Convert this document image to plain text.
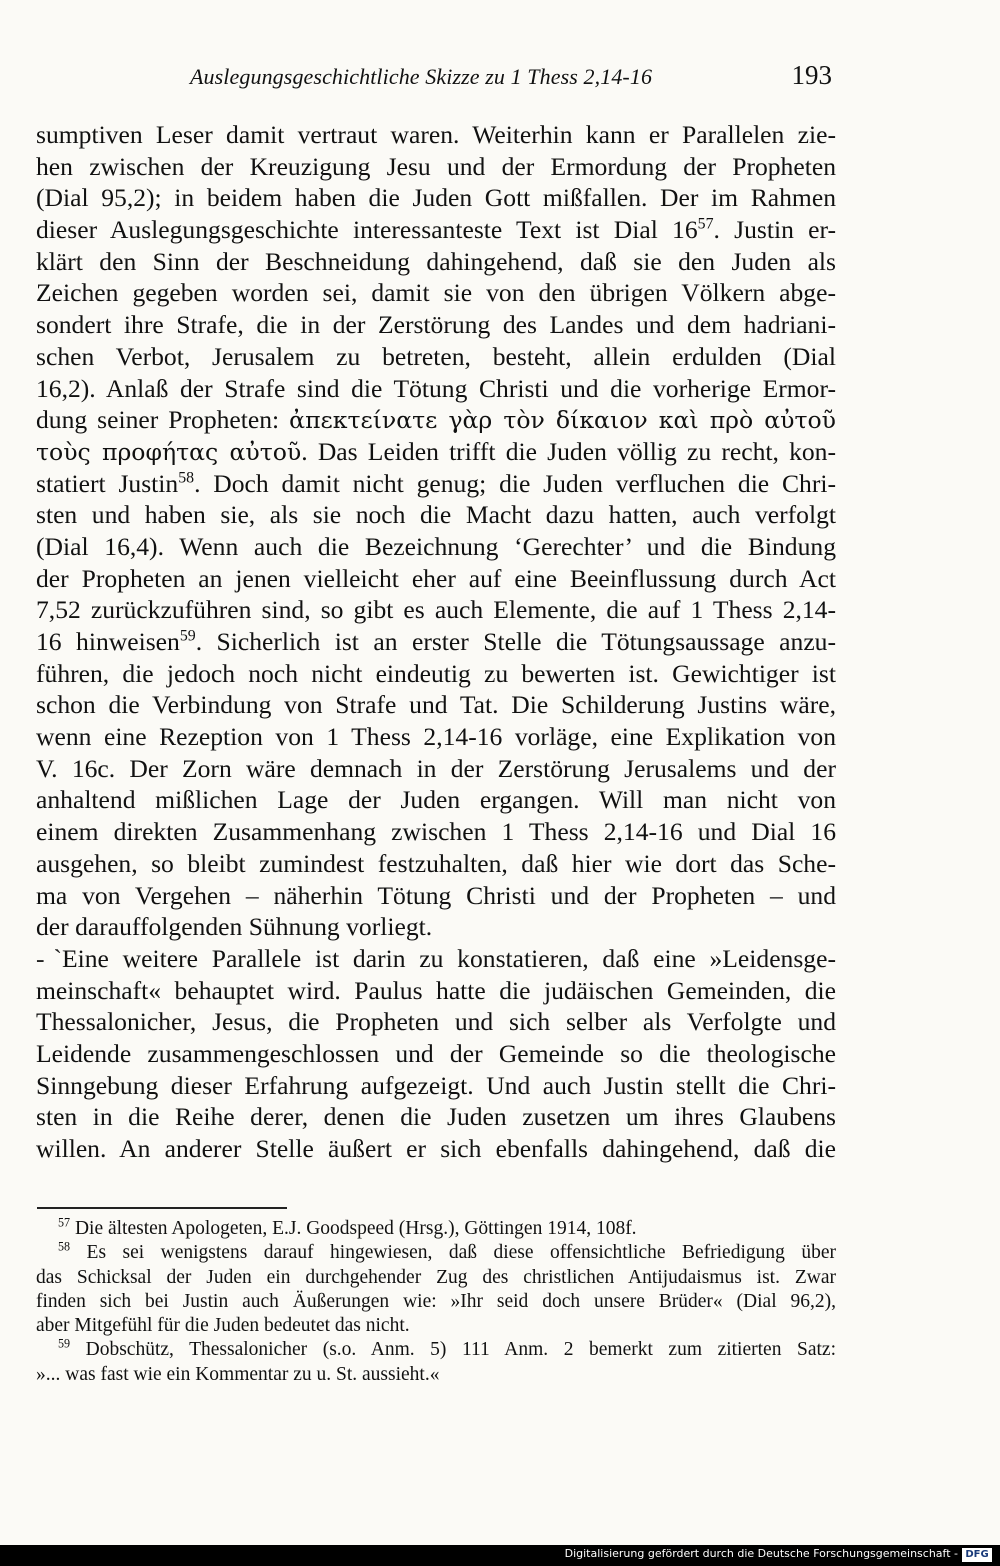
Auslegungsgeschichtliche Skizze zu 1 Thess 2,14-16	193
sumptiven Leser damit vertraut waren. Weiterhin kann er Parallelen zie-
hen zwischen der Kreuzigung Jesu und der Ermordung der Propheten
(Dial 95,2); in beidem haben die Juden Gott mißfallen. Der im Rahmen
dieser Auslegungsgeschichte interessanteste Text ist Dial $16^{57}$. Justin er-
klärt den Sinn der Beschneidung dahingehend, daß sie den Juden als
Zeichen gegeben worden sei, damit sie von den übrigen Völkern abge-
sondert ihre Strafe, die in der Zerstörung des Landes und dem hadriani-
schen Verbot, Jerusalem zu betreten, besteht, allein erdulden (Dial
16,2). Anlaß der Strafe sind die Tötung Christi und die vorherige Ermor-
dung seiner Propheten: ἀπεκτείνατε γὰρ τὸν δίκαιον καὶ πρὸ αὐτοῦ
τοὺς προφήτας αὐτοῦ. Das Leiden trifft die Juden völlig zu recht, kon-
statiert Justin$^{58}$. Doch damit nicht genug; die Juden verfluchen die Chri-
sten und haben sie, als sie noch die Macht dazu hatten, auch verfolgt
(Dial 16,4). Wenn auch die Bezeichnung ‘Gerechter’ und die Bindung
der Propheten an jenen vielleicht eher auf eine Beeinflussung durch Act
7,52 zurückzuführen sind, so gibt es auch Elemente, die auf 1 Thess 2,14-
16 hinweisen$^{59}$. Sicherlich ist an erster Stelle die Tötungsaussage anzu-
führen, die jedoch noch nicht eindeutig zu bewerten ist. Gewichtiger ist
schon die Verbindung von Strafe und Tat. Die Schilderung Justins wäre,
wenn eine Rezeption von 1 Thess 2,14-16 vorläge, eine Explikation von
V. 16c. Der Zorn wäre demnach in der Zerstörung Jerusalems und der
anhaltend mißlichen Lage der Juden ergangen. Will man nicht von
einem direkten Zusammenhang zwischen 1 Thess 2,14-16 und Dial 16
ausgehen, so bleibt zumindest festzuhalten, daß hier wie dort das Sche-
ma von Vergehen – näherhin Tötung Christi und der Propheten – und
der darauffolgenden Sühnung vorliegt.
-ˋEine weitere Parallele ist darin zu konstatieren, daß eine »Leidensge-
meinschaft« behauptet wird. Paulus hatte die judäischen Gemeinden, die
Thessalonicher, Jesus, die Propheten und sich selber als Verfolgte und
Leidende zusammengeschlossen und der Gemeinde so die theologische
Sinngebung dieser Erfahrung aufgezeigt. Und auch Justin stellt die Chri-
sten in die Reihe derer, denen die Juden zusetzen um ihres Glaubens
willen. An anderer Stelle äußert er sich ebenfalls dahingehend, daß die
$^{57}$ Die ältesten Apologeten, E.J. Goodspeed (Hrsg.), Göttingen 1914, 108f.
$^{58}$ Es sei wenigstens darauf hingewiesen, daß diese offensichtliche Befriedigung über
das Schicksal der Juden ein durchgehender Zug des christlichen Antijudaismus ist. Zwar
finden sich bei Justin auch Äußerungen wie: »Ihr seid doch unsere Brüder« (Dial 96,2),
aber Mitgefühl für die Juden bedeutet das nicht.
$^{59}$ Dobschütz, Thessalonicher (s.o. Anm. 5) 111 Anm. 2 bemerkt zum zitierten Satz:
»... was fast wie ein Kommentar zu u. St. aussieht.«
Digitalisierung gefördert durch die Deutsche Forschungsgemeinschaft - DFG
